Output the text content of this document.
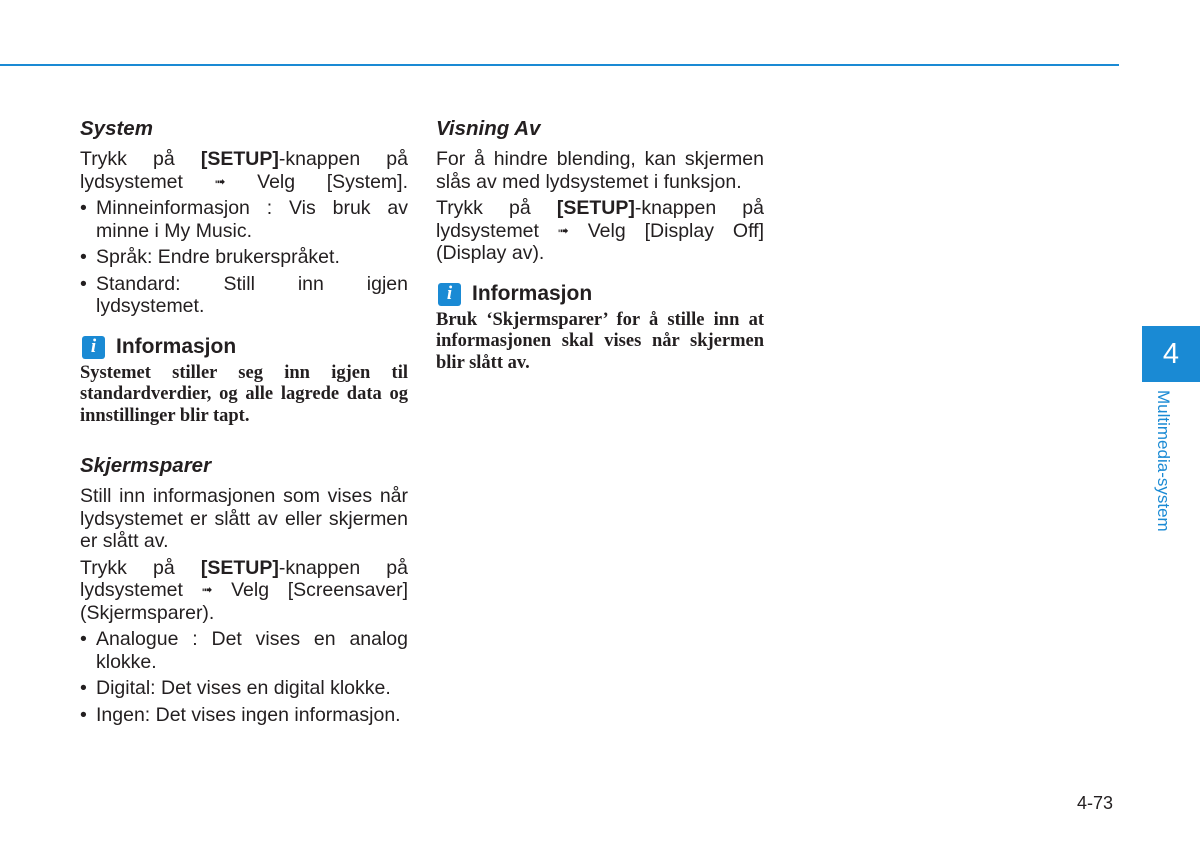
System
Trykk på [SETUP]-knappen på lydsystemet ➟ Velg [System].
• Minneinformasjon : Vis bruk av minne i My Music.
• Språk: Endre brukerspråket.
• Standard: Still inn igjen lydsystemet.
i Informasjon

Systemet stiller seg inn igjen til standardverdier, og alle lagrede data og innstillinger blir tapt.

Skjermsparer
Still inn informasjonen som vises når lydsystemet er slått av eller skjermen er slått av.
Trykk på [SETUP]-knappen på lydsystemet ➟ Velg [Screensaver] (Skjermsparer).
• Analogue : Det vises en analog klokke.
• Digital: Det vises en digital klokke.
• Ingen: Det vises ingen informasjon.
Visning Av
For å hindre blending, kan skjermen slås av med lydsystemet i funksjon.
Trykk på [SETUP]-knappen på lydsystemet ➟ Velg [Display Off] (Display av).
i Informasjon

Bruk ‘Skjermsparer’ for å stille inn at informasjonen skal vises når skjermen blir slått av.	4
Multimedia-system
4-73
